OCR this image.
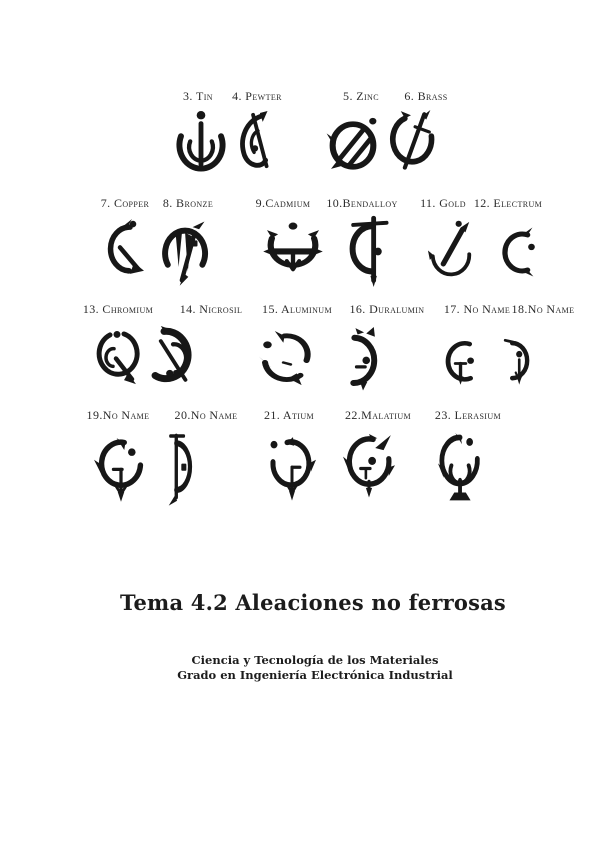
3. Tin 4. Pewter	5. Zinc 6. Brass
7. Copper 8. Bronze	9.Cadmium 10.Bendalloy 11. Gold 12. Electrum
13. Chromium 14. Nicrosil 15. Aluminum 16. Duralumin 17. No Name 18.No Name
19.No Name 20.No Name 21. Atium	22.Malatium 23. Lerasium
Tema 4.2 Aleaciones no ferrosas
Ciencia y Tecnología de los Materiales
Grado en Ingeniería Electrónica Industrial
